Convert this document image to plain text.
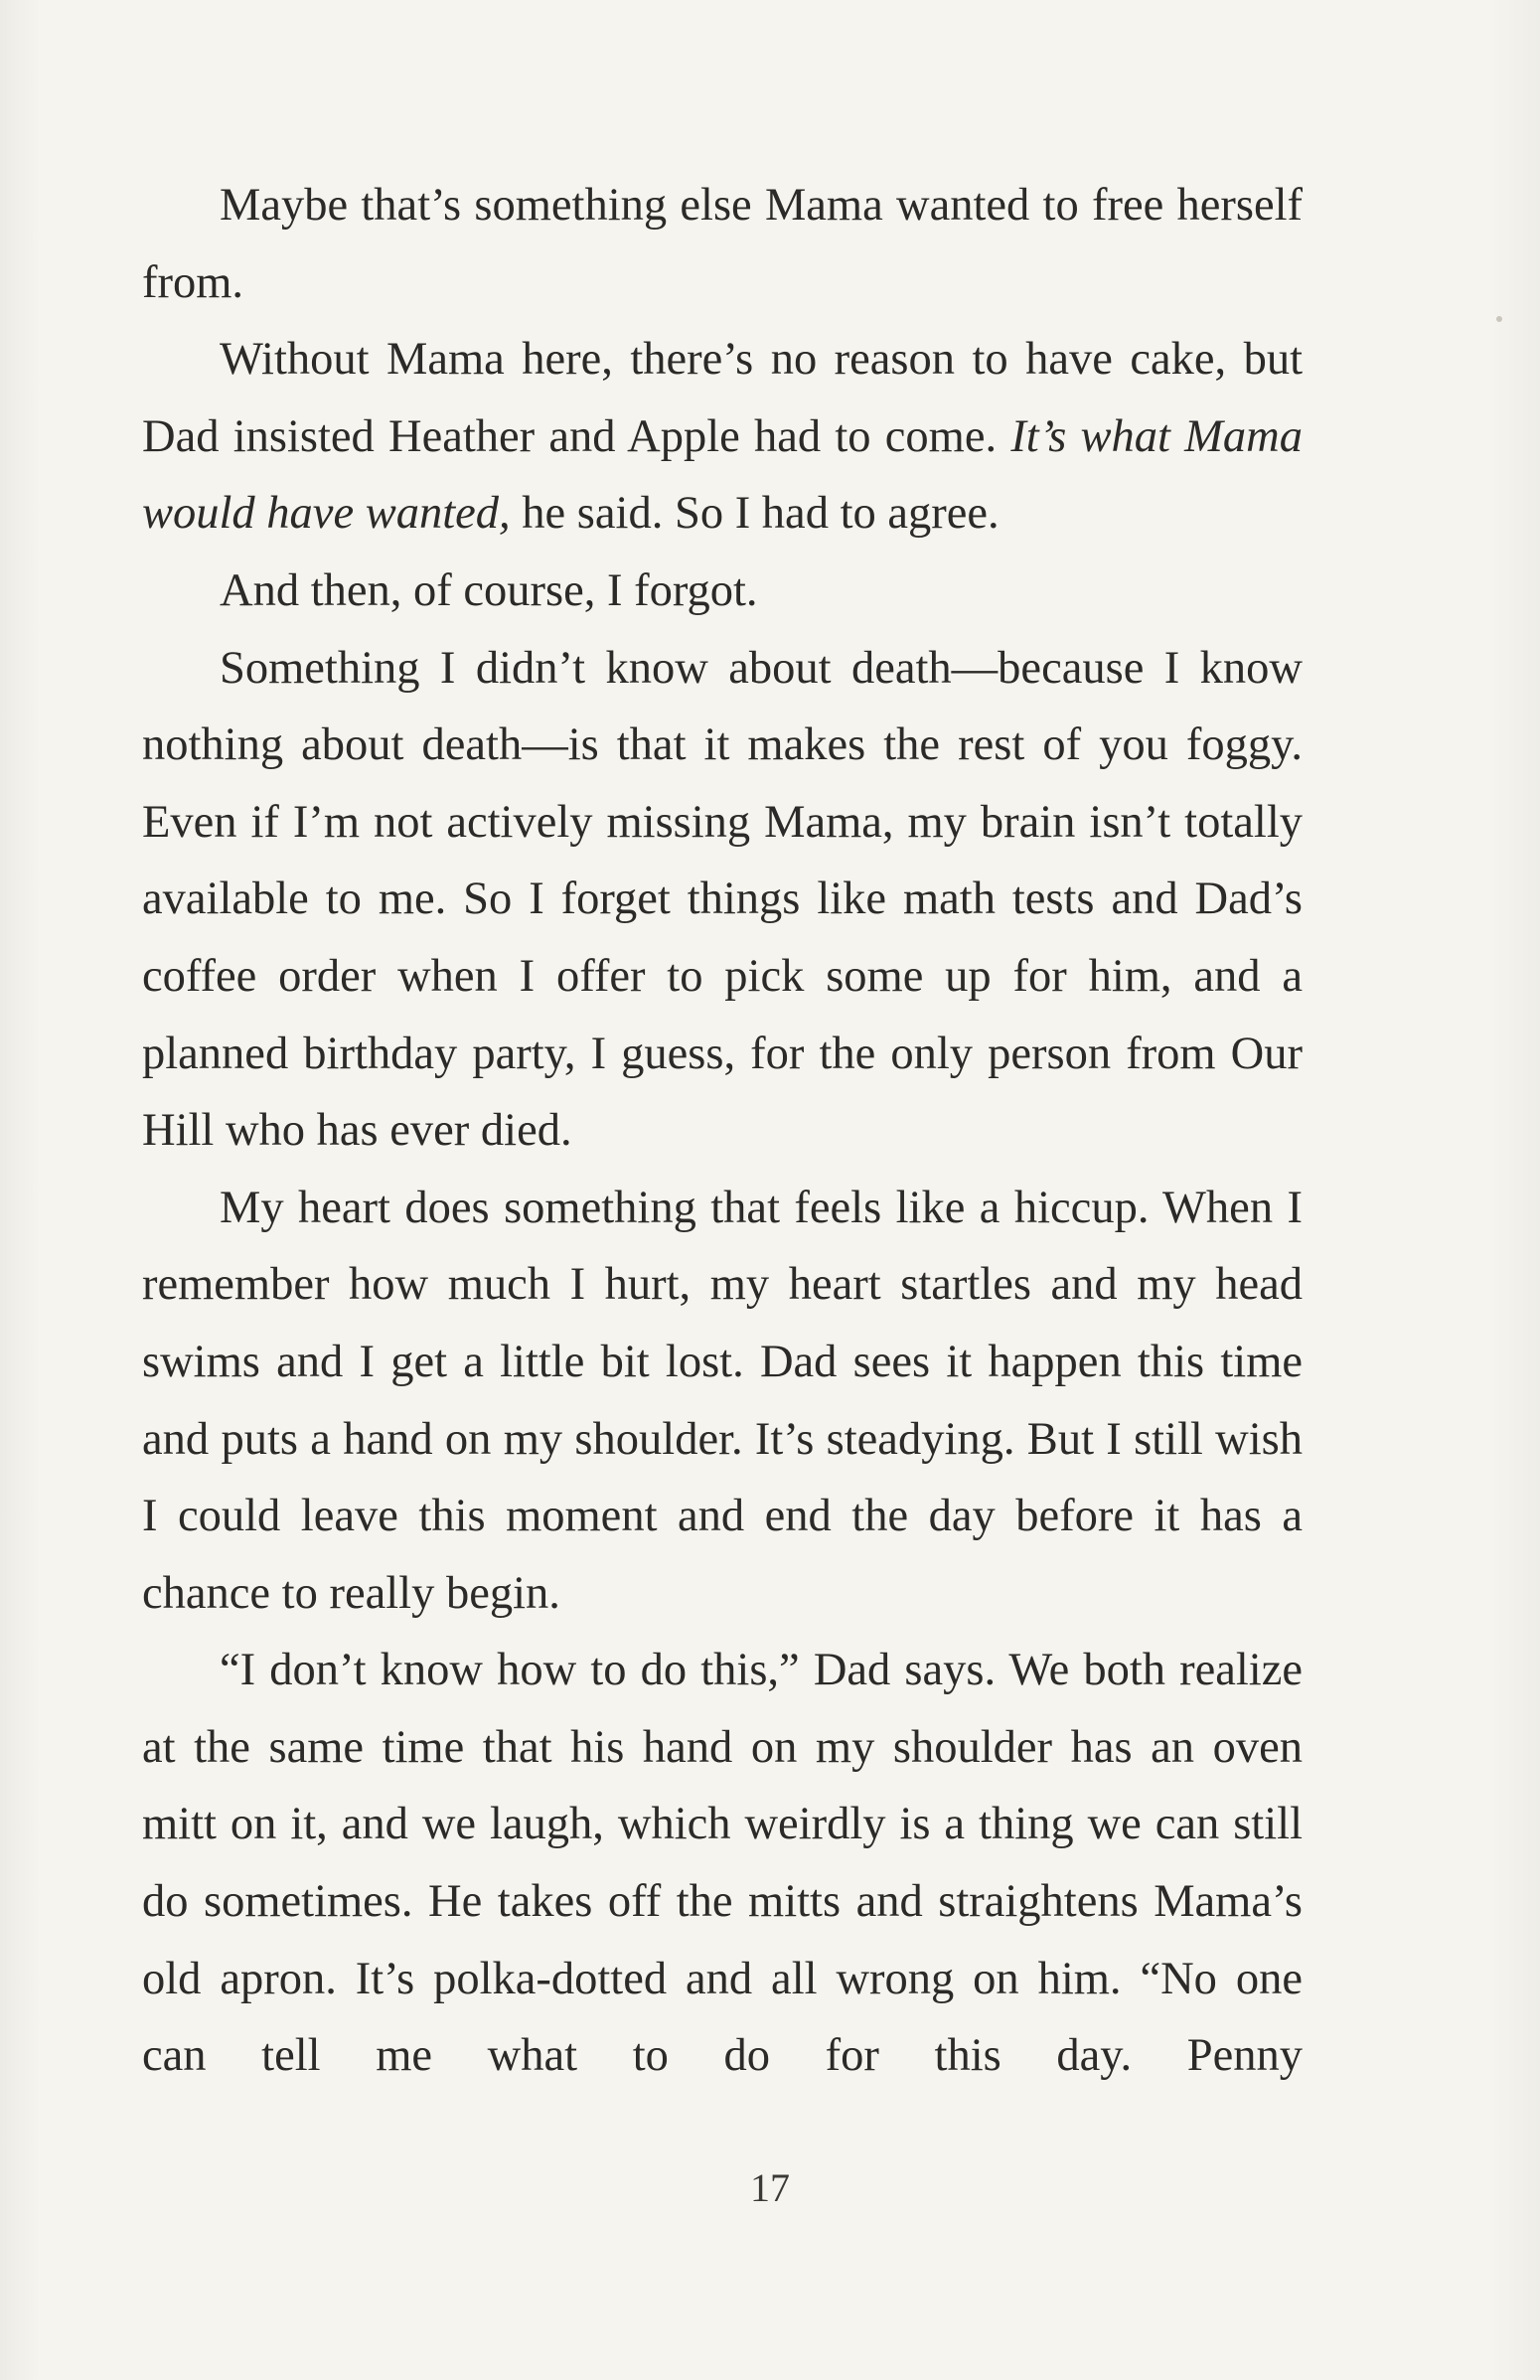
Maybe that’s something else Mama wanted to free herself from.

Without Mama here, there’s no reason to have cake, but Dad insisted Heather and Apple had to come. It’s what Mama would have wanted, he said. So I had to agree.

And then, of course, I forgot.

Something I didn’t know about death—because I know nothing about death—is that it makes the rest of you foggy. Even if I’m not actively missing Mama, my brain isn’t totally available to me. So I forget things like math tests and Dad’s coffee order when I offer to pick some up for him, and a planned birthday party, I guess, for the only person from Our Hill who has ever died.

My heart does something that feels like a hiccup. When I remember how much I hurt, my heart startles and my head swims and I get a little bit lost. Dad sees it happen this time and puts a hand on my shoulder. It’s steadying. But I still wish I could leave this moment and end the day before it has a chance to really begin.

“I don’t know how to do this,” Dad says. We both realize at the same time that his hand on my shoulder has an oven mitt on it, and we laugh, which weirdly is a thing we can still do sometimes. He takes off the mitts and straightens Mama’s old apron. It’s polka-dotted and all wrong on him. “No one can tell me what to do for this day. Penny

17
